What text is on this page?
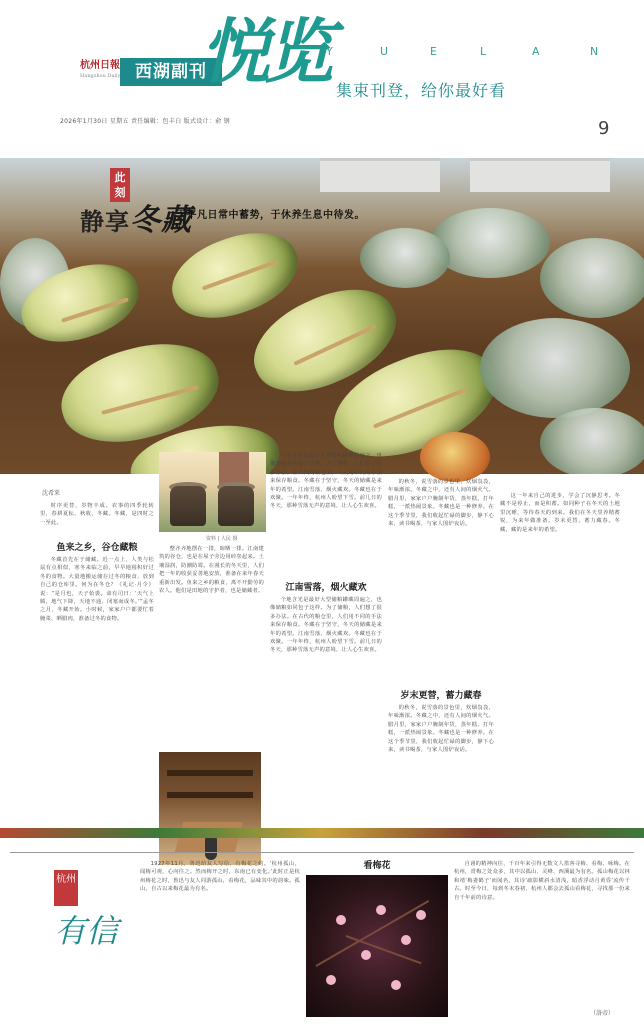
杭州日報
Hangzhou Daily 西湖副刊
悦览
Y	U	E	L	A	N
集束刊登，给你最好看
2026年1月30日 星期五 责任编辑：包丰白 版式设计：俞 钢	9
此刻
静享冬藏
于平凡日常中蓄势，于休养生息中待发。
资料 | 人民 摄
沈希来

时序更替，岁物丰成。农事的四季轮转里，春耕夏耘、秋收，冬藏。冬藏，是四时之一至此。

鱼来之乡，谷仓藏粮

冬藏首先在于储藏。近一点上，人类与松鼠有点相似，寒冬来临之前，早早地囤积好过冬的食物。大量地搬运储存过冬的粮食，放到自己的仓库里。何为在冬仓？《礼记·月令》说：“是月也，天子始裘。命有司曰：‘天气上腾，地气下降，天地不通，闭塞而成冬。’”孟冬之月，冬藏开始。小时候，家家户户都要忙着腌菜、晒腊肉，准备过冬的食物。

整齐齐地摆在一排，晾晒一排。江南建筑的谷仓，也是在屋子旁边用砖垒起来。土壤湿润，防潮防霉。在漫长的冬天里，人们把一年的收获妥善地安放，准备在来年春天重新出发。鱼来之乡的粮食，离不开勤劳的农人。他们是田地的守护者，也是储藏者。

个地含光是最好大型储粮罐藏周遍之，也像储粮如同包子这样。为了储粮，人们想了很多办法。在古代的粮仓里，人们用不同的手法来保存粮食。冬藏在于坚守，冬天的储藏是来年的希望。江南雪落，烟火藏欢。冬藏也在于欢聚。一年年终，杭州人盼望下雪。前几日的冬天，那种雪落无声的意境，让人心生欢喜。

江南雪落，烟火藏欢

个地含光是最好大型储粮罐藏周遍之，也像储粮如同包子这样。为了储粮，人们想了很多办法。在古代的粮仓里，人们用不同的手法来保存粮食。冬藏在于坚守，冬天的储藏是来年的希望。江南雪落，烟火藏欢。冬藏也在于欢聚。一年年终，杭州人盼望下雪。前几日的冬天，那种雪落无声的意境，让人心生欢喜。

的秋冬，说雪落的景色里，炊烟袅袅，年味渐浓。冬藏之中，还有人间的烟火气。腊月里，家家户户腌制年货，蒸年糕，打年糕，一派热闹景象。冬藏也是一种修养。在这个季节里，我们收起忙碌的脚步，静下心来，读书喝茶，与家人围炉夜话。

岁末更替，蓄力藏春

的秋冬，说雪落的景色里，炊烟袅袅，年味渐浓。冬藏之中，还有人间的烟火气。腊月里，家家户户腌制年货，蒸年糕，打年糕，一派热闹景象。冬藏也是一种修养。在这个季节里，我们收起忙碌的脚步，静下心来，读书喝茶，与家人围炉夜话。

这一年来自己的进步，学会了沉静思考。冬藏不是停止，而是积蓄。如同种子在冬天的土地里沉睡，等待春天的到来。我们在冬天里养精蓄锐，为来年做准备。岁末更替，蓄力藏春。冬藏，藏的是来年的希望。

杭州
有信

1927年11月，鲁迅给友人写信，有梅花之约。‘杭州孤山，闻梅可观，心向往之。然而梅开之时，东南已有变化。’此时正是杭州梅花之时，鲁迅与友人同游孤山，看梅花，品味其中的韵味。孤山，自古以来梅花最为有名。

看梅花	自诩的精神向往，千百年来引得无数文人墨客寻梅、看梅、咏梅。在杭州，赏梅之处众多，其中以孤山、灵峰、西溪最为有名。孤山梅花以林和靖‘梅妻鹤子’而闻名，其诗‘疏影横斜水清浅，暗香浮动月黄昏’流传千古。时至今日，每到冬末春初，杭州人都会去孤山看梅花，寻找那一份来自千年前的诗意。

（洛帝）
